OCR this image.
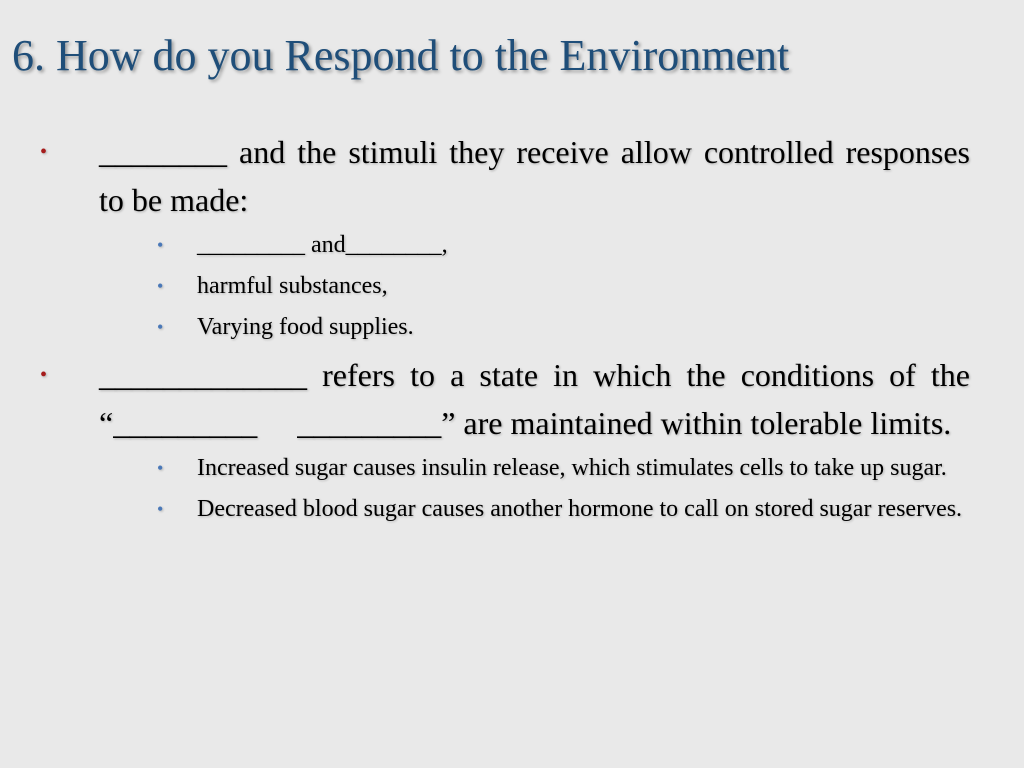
6. How do you Respond to the Environment
• ________ and the stimuli they receive allow controlled responses to be made:
• _________ and________,
• harmful substances,
• Varying food supplies.
• _____________ refers to a state in which the conditions of the “_________     _________” are maintained within tolerable limits.
• Increased sugar causes insulin release, which stimulates cells to take up sugar.
• Decreased blood sugar causes another hormone to call on stored sugar reserves.
